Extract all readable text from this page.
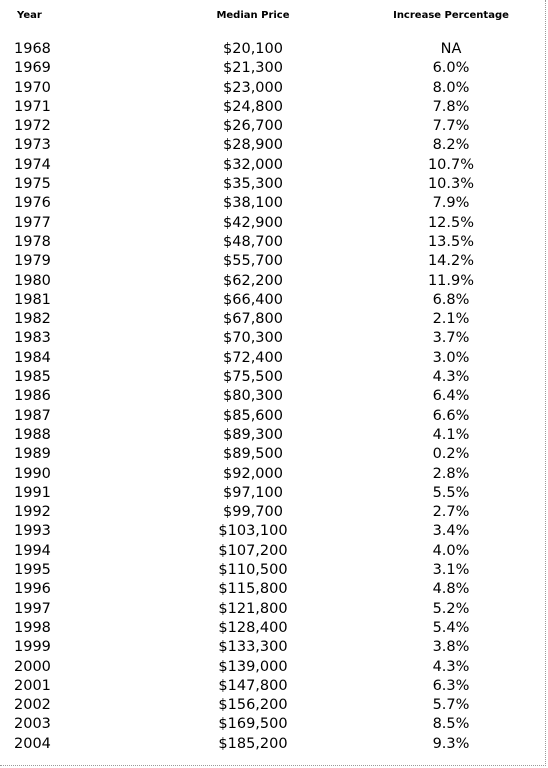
Year	Median Price	Increase Percentage

1968	$20,100	NA
1969	$21,300	6.0%
1970	$23,000	8.0%
1971	$24,800	7.8%
1972	$26,700	7.7%
1973	$28,900	8.2%
1974	$32,000	10.7%
1975	$35,300	10.3%
1976	$38,100	7.9%
1977	$42,900	12.5%
1978	$48,700	13.5%
1979	$55,700	14.2%
1980	$62,200	11.9%
1981	$66,400	6.8%
1982	$67,800	2.1%
1983	$70,300	3.7%
1984	$72,400	3.0%
1985	$75,500	4.3%
1986	$80,300	6.4%
1987	$85,600	6.6%
1988	$89,300	4.1%
1989	$89,500	0.2%
1990	$92,000	2.8%
1991	$97,100	5.5%
1992	$99,700	2.7%
1993	$103,100	3.4%
1994	$107,200	4.0%
1995	$110,500	3.1%
1996	$115,800	4.8%
1997	$121,800	5.2%
1998	$128,400	5.4%
1999	$133,300	3.8%
2000	$139,000	4.3%
2001	$147,800	6.3%
2002	$156,200	5.7%
2003	$169,500	8.5%
2004	$185,200	9.3%
